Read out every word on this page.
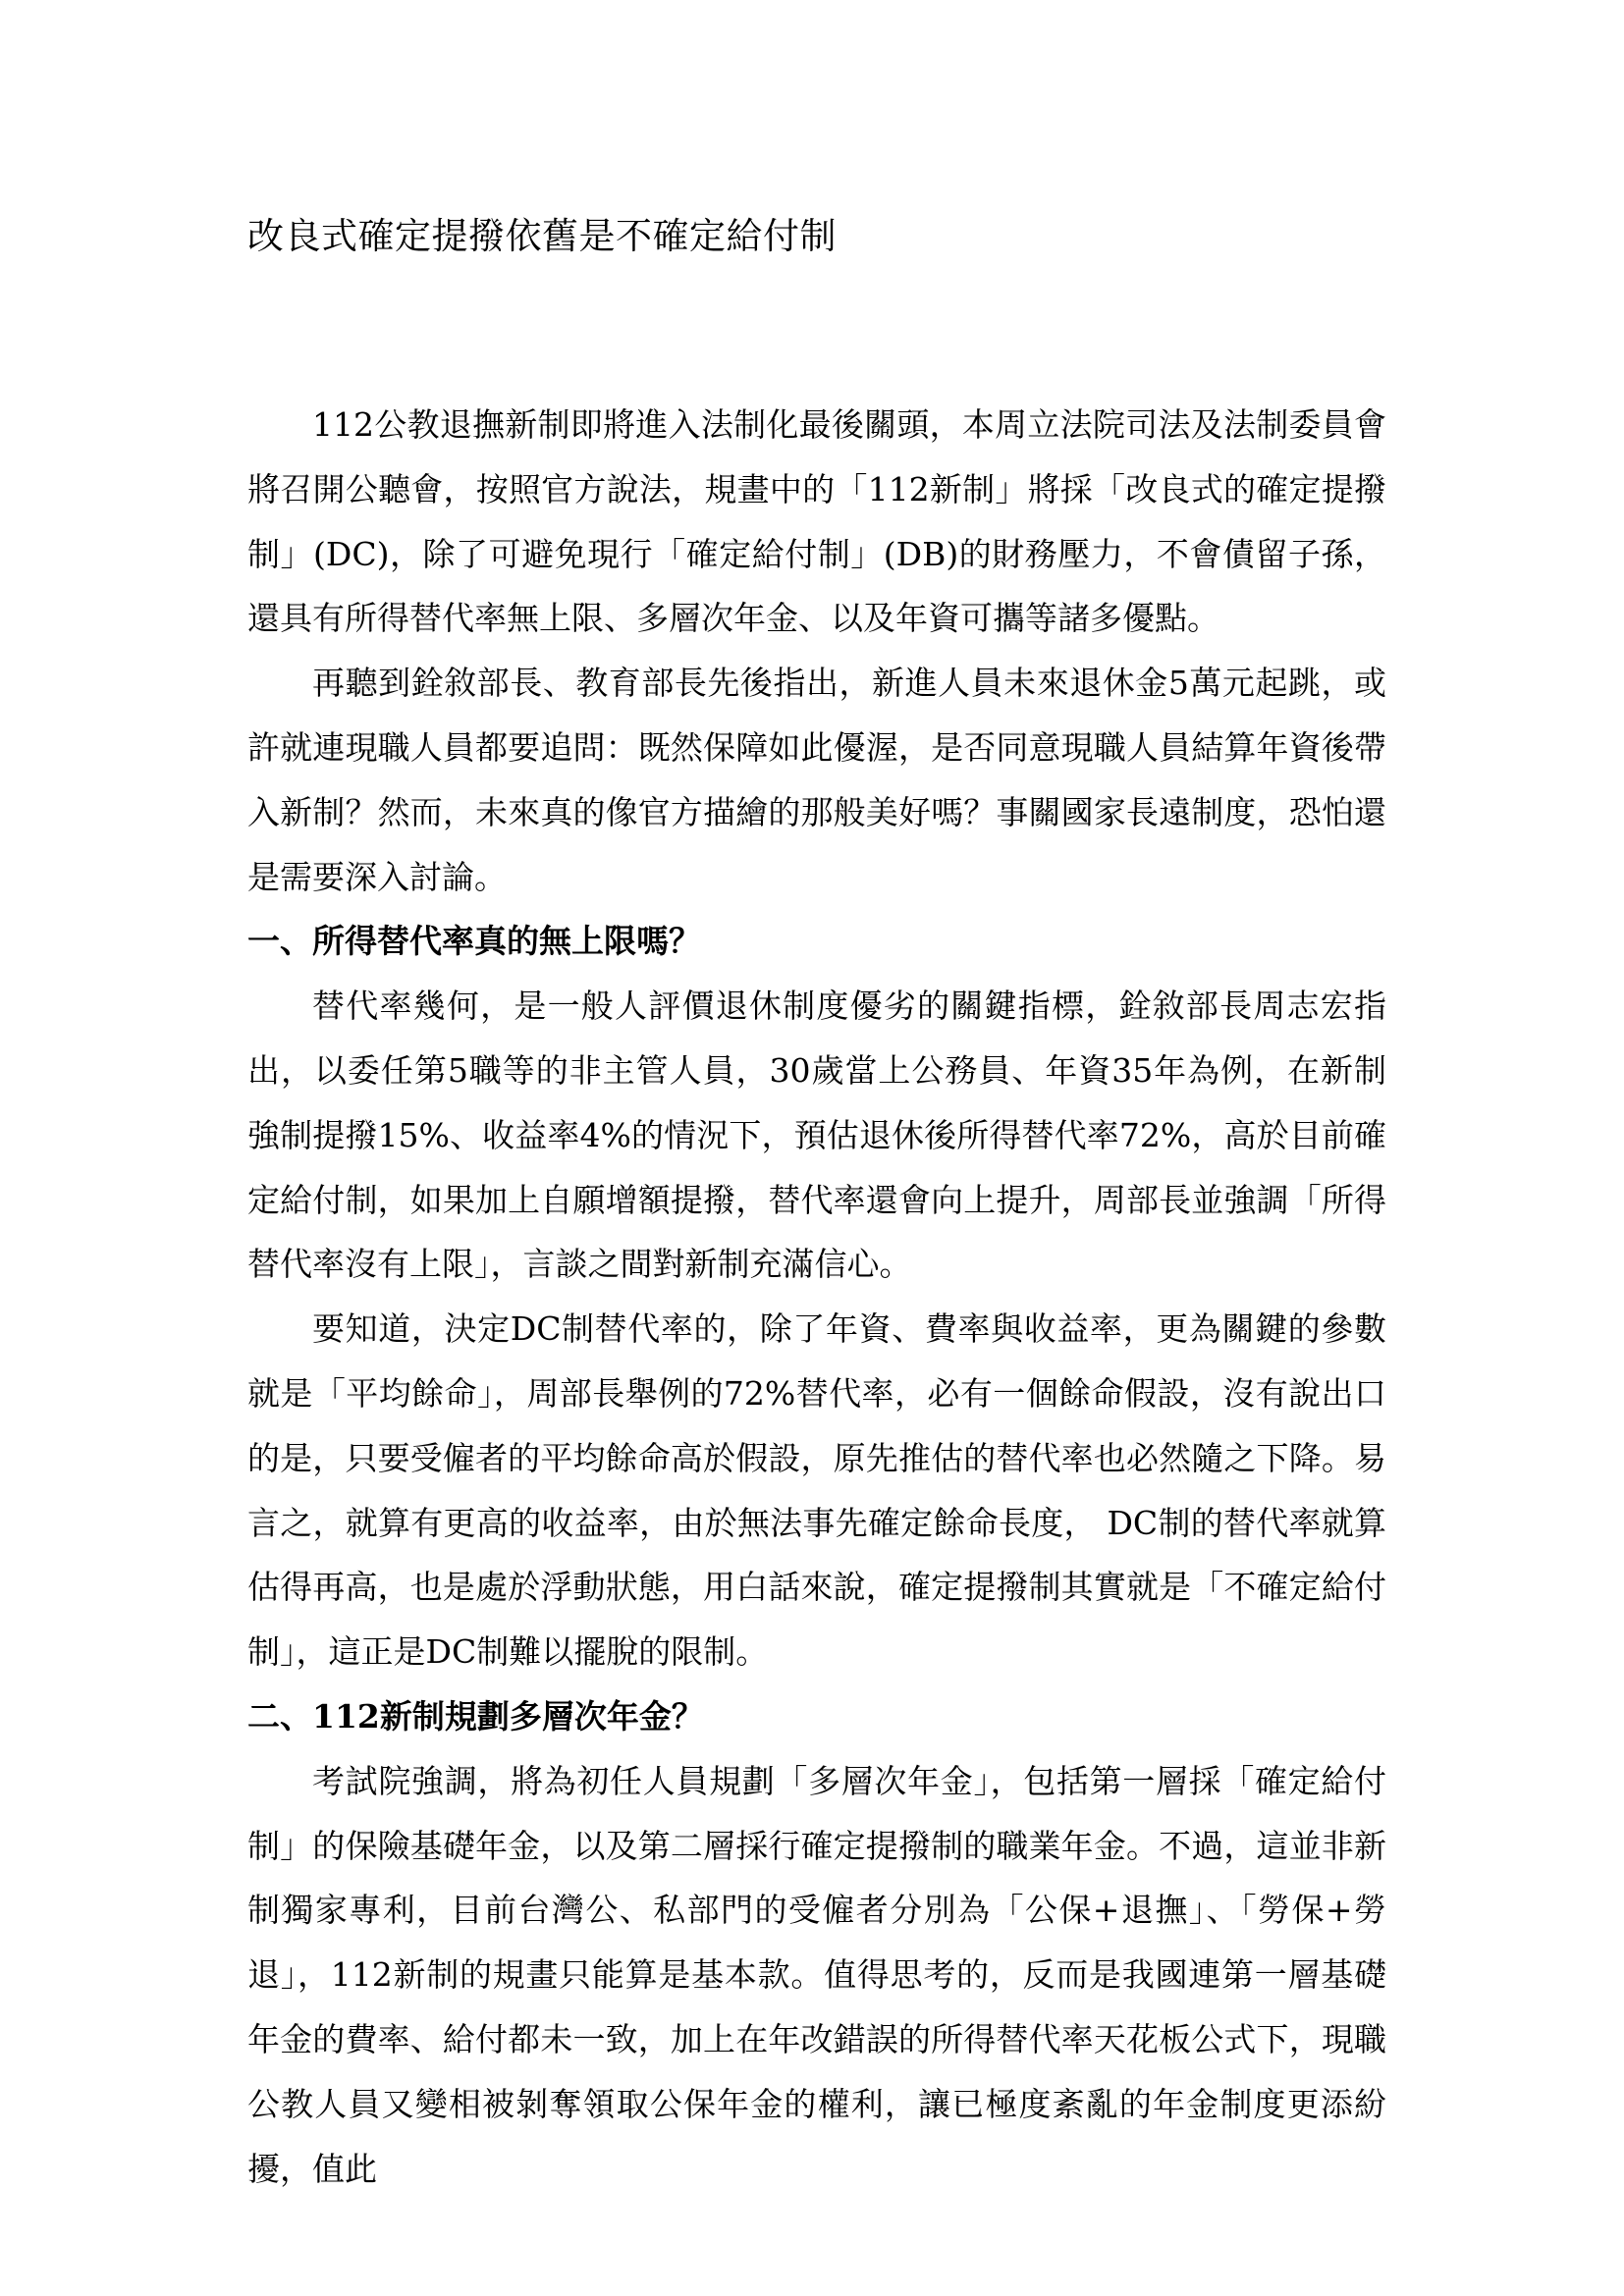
改良式確定提撥依舊是不確定給付制

112公教退撫新制即將進入法制化最後關頭，本周立法院司法及法制委員會將召開公聽會，按照官方說法，規畫中的「112新制」將採「改良式的確定提撥制」(DC)，除了可避免現行「確定給付制」(DB)的財務壓力，不會債留子孫，還具有所得替代率無上限、多層次年金、以及年資可攜等諸多優點。

再聽到銓敘部長、教育部長先後指出，新進人員未來退休金5萬元起跳，或許就連現職人員都要追問：既然保障如此優渥，是否同意現職人員結算年資後帶入新制？然而，未來真的像官方描繪的那般美好嗎？事關國家長遠制度，恐怕還是需要深入討論。

一、所得替代率真的無上限嗎？

替代率幾何，是一般人評價退休制度優劣的關鍵指標，銓敘部長周志宏指出，以委任第5職等的非主管人員，30歲當上公務員、年資35年為例，在新制強制提撥15%、收益率4%的情況下，預估退休後所得替代率72%，高於目前確定給付制，如果加上自願增額提撥，替代率還會向上提升，周部長並強調「所得替代率沒有上限」，言談之間對新制充滿信心。

要知道，決定DC制替代率的，除了年資、費率與收益率，更為關鍵的參數就是「平均餘命」，周部長舉例的72%替代率，必有一個餘命假設，沒有說出口的是，只要受僱者的平均餘命高於假設，原先推估的替代率也必然隨之下降。易言之，就算有更高的收益率，由於無法事先確定餘命長度， DC制的替代率就算估得再高，也是處於浮動狀態，用白話來說，確定提撥制其實就是「不確定給付制」，這正是DC制難以擺脫的限制。

二、112新制規劃多層次年金？

考試院強調，將為初任人員規劃「多層次年金」，包括第一層採「確定給付制」的保險基礎年金，以及第二層採行確定提撥制的職業年金。不過，這並非新制獨家專利，目前台灣公、私部門的受僱者分別為「公保+退撫」、「勞保+勞退」，112新制的規畫只能算是基本款。值得思考的，反而是我國連第一層基礎年金的費率、給付都未一致，加上在年改錯誤的所得替代率天花板公式下，現職公教人員又變相被剝奪領取公保年金的權利，讓已極度紊亂的年金制度更添紛擾，值此
